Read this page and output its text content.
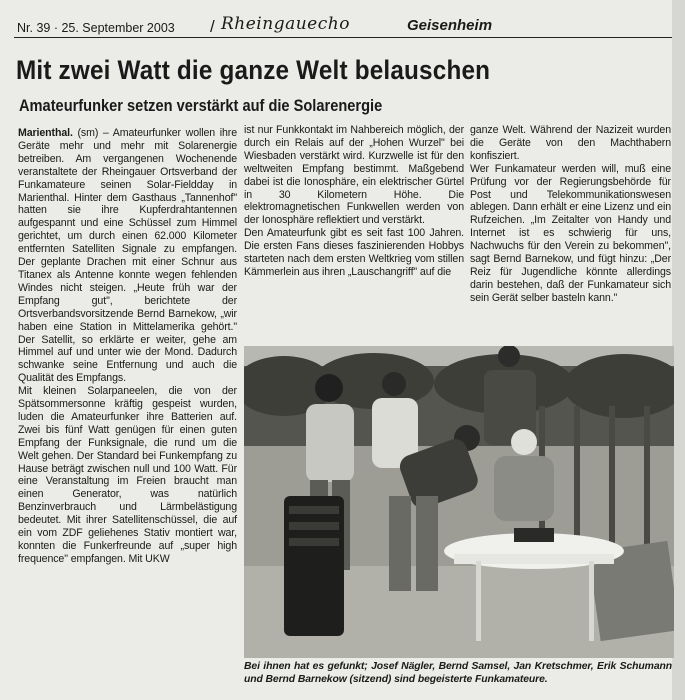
Nr. 39 · 25. September 2003 / Rheingauecho	Geisenheim
Mit zwei Watt die ganze Welt belauschen
Amateurfunker setzen verstärkt auf die Solarenergie

Marienthal. (sm) – Amateurfunker wollen ihre Geräte mehr und mehr mit Solarenergie betreiben. Am vergangenen Wochenende veranstaltete der Rheingauer Ortsverband der Funkamateure seinen Solar-Fieldday in Marienthal. Hinter dem Gasthaus „Tannenhof" hatten sie ihre Kupferdrahtantennen aufgespannt und eine Schüssel zum Himmel gerichtet, um durch einen 62.000 Kilometer entfernten Satelliten Signale zu empfangen. Der geplante Drachen mit einer Schnur aus Titanex als Antenne konnte wegen fehlenden Windes nicht steigen. „Heute früh war der Empfang gut", berichtete der Ortsverbandsvorsitzende Bernd Barnekow, „wir haben eine Station in Mittelamerika gehört." Der Satellit, so erklärte er weiter, gehe am Himmel auf und unter wie der Mond. Dadurch schwanke seine Entfernung und auch die Qualität des Empfangs.

Mit kleinen Solarpaneelen, die von der Spätsommersonne kräftig gespeist wurden, luden die Amateurfunker ihre Batterien auf. Zwei bis fünf Watt genügen für einen guten Empfang der Funksignale, die rund um die Welt gehen. Der Standard bei Funkempfang zu Hause beträgt zwischen null und 100 Watt. Für eine Veranstaltung im Freien braucht man einen Generator, was natürlich Benzinverbrauch und Lärmbelästigung bedeutet. Mit ihrer Satellitenschüssel, die auf ein vom ZDF geliehenes Stativ montiert war, konnten die Funkerfreunde auf „super high frequence" empfangen. Mit UKW

ist nur Funkkontakt im Nahbereich möglich, der durch ein Relais auf der „Hohen Wurzel" bei Wiesbaden verstärkt wird. Kurzwelle ist für den weltweiten Empfang bestimmt. Maßgebend dabei ist die Ionosphäre, ein elektrischer Gürtel in 30 Kilometern Höhe. Die elektromagnetischen Funkwellen werden von der Ionosphäre reflektiert und verstärkt.

Den Amateurfunk gibt es seit fast 100 Jahren. Die ersten Fans dieses faszinierenden Hobbys starteten nach dem ersten Weltkrieg vom stillen Kämmerlein aus ihren „Lauschangriff" auf die

ganze Welt. Während der Nazizeit wurden die Geräte von den Machthabern konfisziert.

Wer Funkamateur werden will, muß eine Prüfung vor der Regierungsbehörde für Post und Telekommunikationswesen ablegen. Dann erhält er eine Lizenz und ein Rufzeichen. „Im Zeitalter von Handy und Internet ist es schwierig für uns, Nachwuchs für den Verein zu bekommen", sagt Bernd Barnekow, und fügt hinzu: „Der Reiz für Jugendliche könnte allerdings darin bestehen, daß der Funkamateur sich sein Gerät selber basteln kann."

Bei ihnen hat es gefunkt; Josef Nägler, Bernd Samsel, Jan Kretschmer, Erik Schumann und Bernd Barnekow (sitzend) sind begeisterte Funkamateure.
